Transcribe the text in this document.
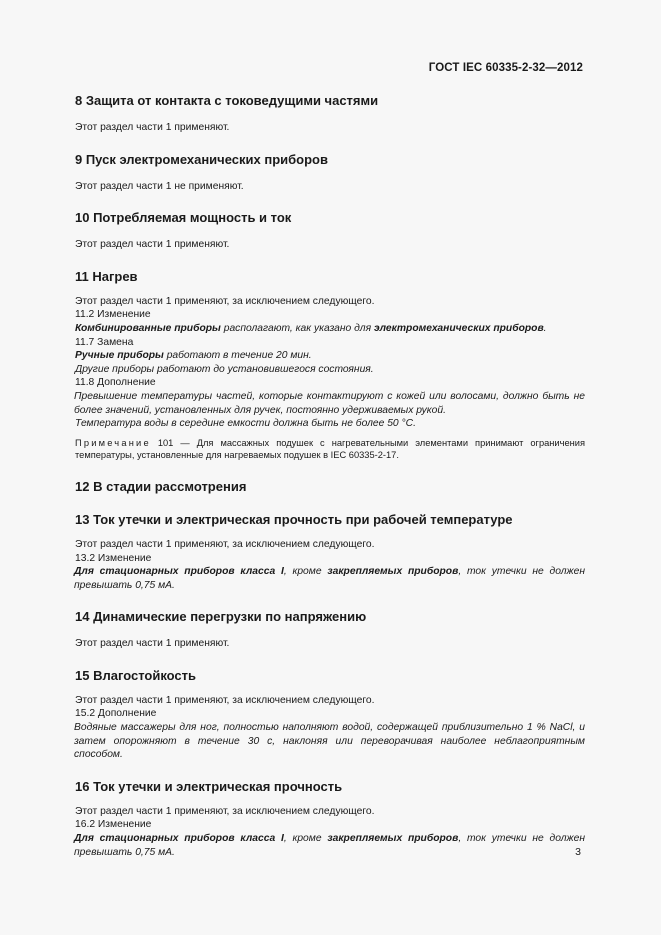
ГОСТ IEC 60335-2-32—2012
8 Защита от контакта с токоведущими частями

Этот раздел части 1 применяют.

9 Пуск электромеханических приборов

Этот раздел части 1 не применяют.

10 Потребляемая мощность и ток

Этот раздел части 1 применяют.

11 Нагрев

Этот раздел части 1 применяют, за исключением следующего.

11.2 Изменение

Комбинированные приборы располагают, как указано для электромеханических приборов.

11.7 Замена

Ручные приборы работают в течение 20 мин.

Другие приборы работают до установившегося состояния.

11.8 Дополнение

Превышение температуры частей, которые контактируют с кожей или волосами, должно быть не более значений, установленных для ручек, постоянно удерживаемых рукой.

Температура воды в середине емкости должна быть не более 50 °С.

Примечание 101 — Для массажных подушек с нагревательными элементами принимают ограничения температуры, установленные для нагреваемых подушек в IEC 60335-2-17.

12 В стадии рассмотрения
13 Ток утечки и электрическая прочность при рабочей температуре

Этот раздел части 1 применяют, за исключением следующего.

13.2 Изменение

Для стационарных приборов класса I, кроме закрепляемых приборов, ток утечки не должен превышать 0,75 мА.

14 Динамические перегрузки по напряжению

Этот раздел части 1 применяют.

15 Влагостойкость

Этот раздел части 1 применяют, за исключением следующего.

15.2 Дополнение

Водяные массажеры для ног, полностью наполняют водой, содержащей приблизительно 1 % NaCl, и затем опорожняют в течение 30 с, наклоняя или переворачивая наиболее неблагоприятным способом.

16 Ток утечки и электрическая прочность

Этот раздел части 1 применяют, за исключением следующего.

16.2 Изменение

Для стационарных приборов класса I, кроме закрепляемых приборов, ток утечки не должен превышать 0,75 мА.	3
